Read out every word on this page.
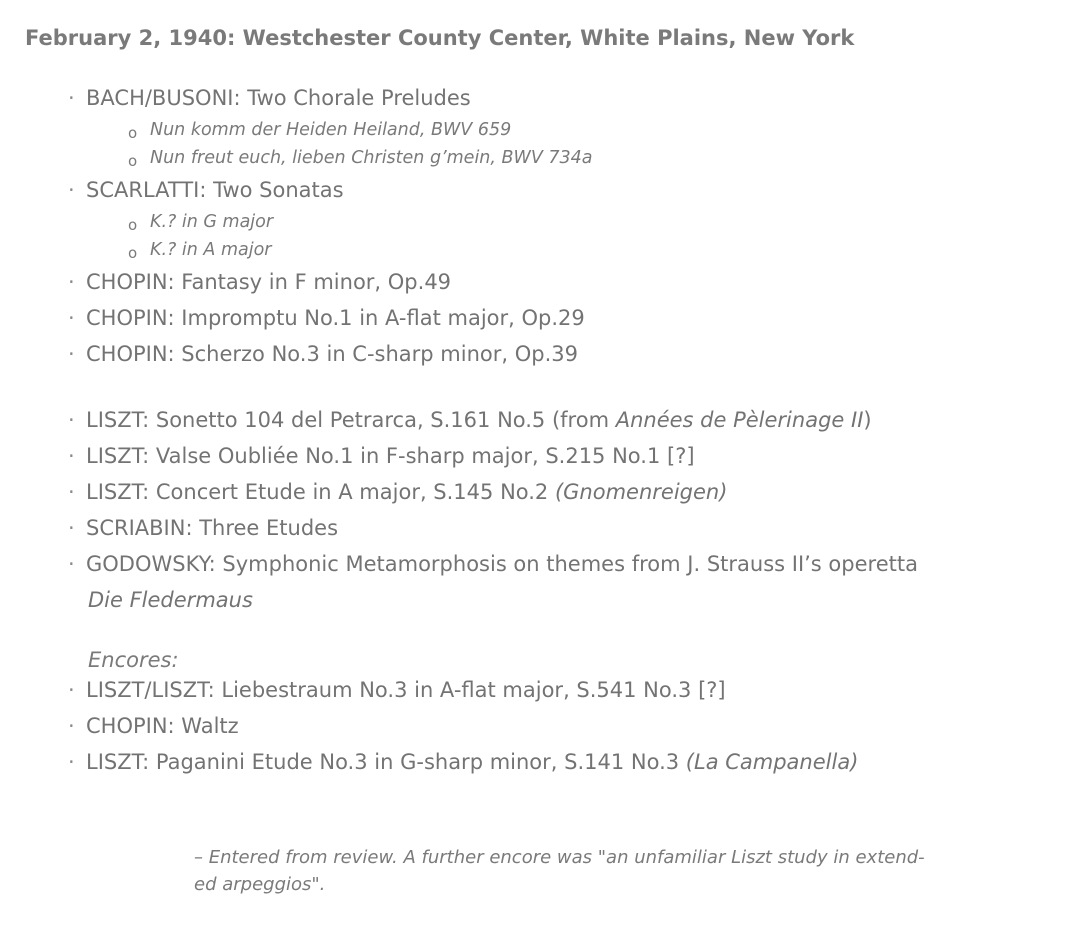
February 2, 1940: Westchester County Center, White Plains, New York
· BACH/BUSONI: Two Chorale Preludes
o Nun komm der Heiden Heiland, BWV 659
o Nun freut euch, lieben Christen g’mein, BWV 734a
· SCARLATTI: Two Sonatas
o K.? in G major
o K.? in A major
· CHOPIN: Fantasy in F minor, Op.49
· CHOPIN: Impromptu No.1 in A-flat major, Op.29
· CHOPIN: Scherzo No.3 in C-sharp minor, Op.39
· LISZT: Sonetto 104 del Petrarca, S.161 No.5 (from Années de Pèlerinage II)
· LISZT: Valse Oubliée No.1 in F-sharp major, S.215 No.1 [?]
· LISZT: Concert Etude in A major, S.145 No.2 (Gnomenreigen)
· SCRIABIN: Three Etudes
· GODOWSKY: Symphonic Metamorphosis on themes from J. Strauss II’s operetta
Die Fledermaus
Encores:
· LISZT/LISZT: Liebestraum No.3 in A-flat major, S.541 No.3 [?]
· CHOPIN: Waltz
· LISZT: Paganini Etude No.3 in G-sharp minor, S.141 No.3 (La Campanella)
– Entered from review. A further encore was "an unfamiliar Liszt study in extend-
ed arpeggios".
